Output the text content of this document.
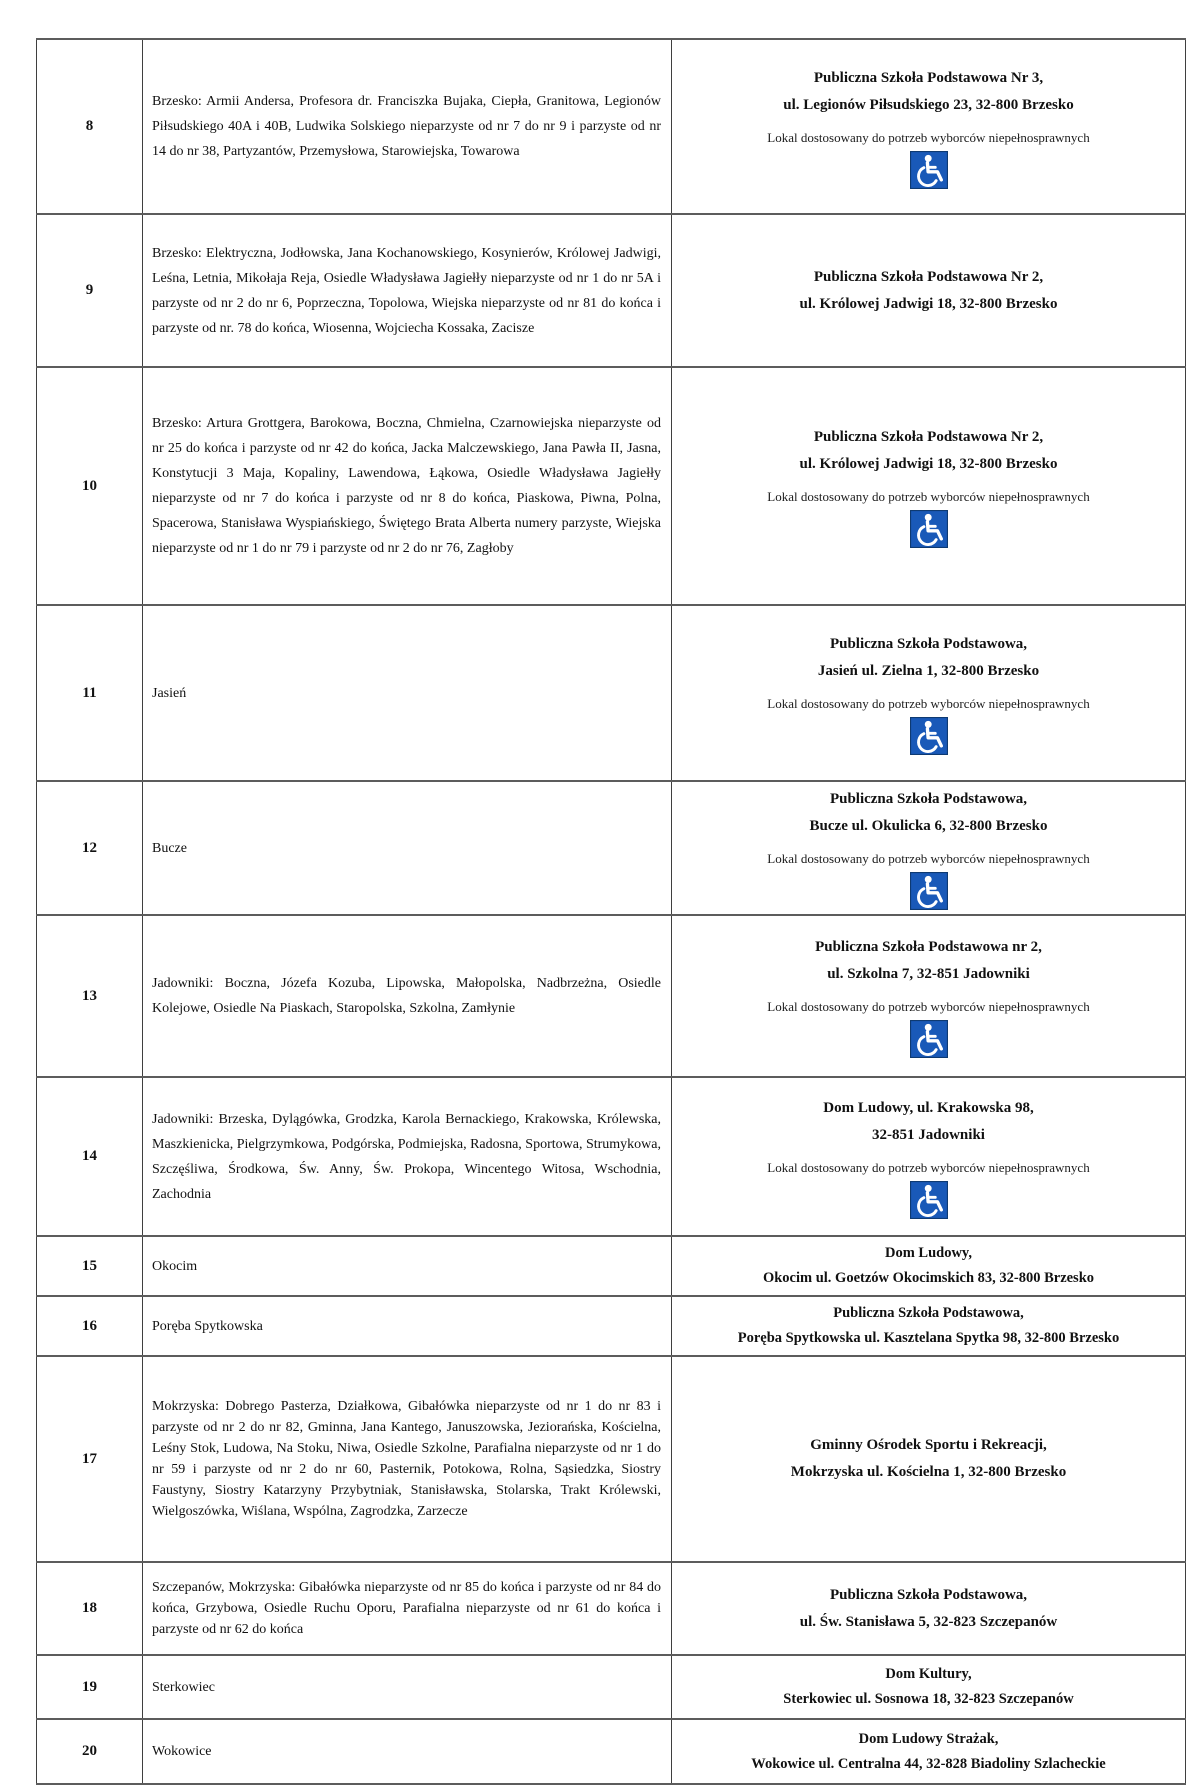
8	Brzesko: Armii Andersa, Profesora dr. Franciszka Bujaka, Ciepła, Granitowa, Legionów Piłsudskiego 40A i 40B, Ludwika Solskiego nieparzyste od nr 7 do nr 9 i parzyste od nr 14 do nr 38, Partyzantów, Przemysłowa, Starowiejska, Towarowa	
Publiczna Szkoła Podstawowa Nr 3,
ul. Legionów Piłsudskiego 23, 32-800 Brzesko
Lokal dostosowany do potrzeb wyborców niepełnosprawnych

9	Brzesko: Elektryczna, Jodłowska, Jana Kochanowskiego, Kosynierów, Królowej Jadwigi, Leśna, Letnia, Mikołaja Reja, Osiedle Władysława Jagiełły nieparzyste od nr 1 do nr 5A i parzyste od nr 2 do nr 6, Poprzeczna, Topolowa, Wiejska nieparzyste od nr 81 do końca i parzyste od nr. 78 do końca, Wiosenna, Wojciecha Kossaka, Zacisze	Publiczna Szkoła Podstawowa Nr 2,
ul. Królowej Jadwigi 18, 32-800 Brzesko

10	Brzesko: Artura Grottgera, Barokowa, Boczna, Chmielna, Czarnowiejska nieparzyste od nr 25 do końca i parzyste od nr 42 do końca, Jacka Malczewskiego, Jana Pawła II, Jasna, Konstytucji 3 Maja, Kopaliny, Lawendowa, Łąkowa, Osiedle Władysława Jagiełły nieparzyste od nr 7 do końca i parzyste od nr 8 do końca, Piaskowa, Piwna, Polna, Spacerowa, Stanisława Wyspiańskiego, Świętego Brata Alberta numery parzyste, Wiejska nieparzyste od nr 1 do nr 79 i parzyste od nr 2 do nr 76, Zagłoby	
Publiczna Szkoła Podstawowa Nr 2,
ul. Królowej Jadwigi 18, 32-800 Brzesko
Lokal dostosowany do potrzeb wyborców niepełnosprawnych

11	Jasień	Publiczna Szkoła Podstawowa,
Jasień ul. Zielna 1, 32-800 Brzesko
Lokal dostosowany do potrzeb wyborców niepełnosprawnych

12	Bucze	Publiczna Szkoła Podstawowa,
Bucze ul. Okulicka 6, 32-800 Brzesko
Lokal dostosowany do potrzeb wyborców niepełnosprawnych

13	Jadowniki: Boczna, Józefa Kozuba, Lipowska, Małopolska, Nadbrzeżna, Osiedle Kolejowe, Osiedle Na Piaskach, Staropolska, Szkolna, Zamłynie	Publiczna Szkoła Podstawowa nr 2,
ul. Szkolna 7, 32-851 Jadowniki
Lokal dostosowany do potrzeb wyborców niepełnosprawnych

14	Jadowniki: Brzeska, Dylągówka, Grodzka, Karola Bernackiego, Krakowska, Królewska, Maszkienicka, Pielgrzymkowa, Podgórska, Podmiejska, Radosna, Sportowa, Strumykowa, Szczęśliwa, Środkowa, Św. Anny, Św. Prokopa, Wincentego Witosa, Wschodnia, Zachodnia	
Dom Ludowy, ul. Krakowska 98,
32-851 Jadowniki
Lokal dostosowany do potrzeb wyborców niepełnosprawnych

15	Okocim	Dom Ludowy,
Okocim ul. Goetzów Okocimskich 83, 32-800 Brzesko

16	Poręba Spytkowska	Publiczna Szkoła Podstawowa,
Poręba Spytkowska ul. Kasztelana Spytka 98, 32-800 Brzesko

17	Mokrzyska: Dobrego Pasterza, Działkowa, Gibałówka nieparzyste od nr 1 do nr 83 i parzyste od nr 2 do nr 82, Gminna, Jana Kantego, Januszowska, Jeziorańska, Kościelna, Leśny Stok, Ludowa, Na Stoku, Niwa, Osiedle Szkolne, Parafialna nieparzyste od nr 1 do nr 59 i parzyste od nr 2 do nr 60, Pasternik, Potokowa, Rolna, Sąsiedzka, Siostry Faustyny, Siostry Katarzyny Przybytniak, Stanisławska, Stolarska, Trakt Królewski, Wielgoszówka, Wiślana, Wspólna, Zagrodzka, Zarzecze	Gminny Ośrodek Sportu i Rekreacji,
Mokrzyska ul. Kościelna 1, 32-800 Brzesko

18	Szczepanów, Mokrzyska: Gibałówka nieparzyste od nr 85 do końca i parzyste od nr 84 do końca, Grzybowa, Osiedle Ruchu Oporu, Parafialna nieparzyste od nr 61 do końca i parzyste od nr 62 do końca	Publiczna Szkoła Podstawowa,
ul. Św. Stanisława 5, 32-823 Szczepanów

19	Sterkowiec	Dom Kultury,
Sterkowiec ul. Sosnowa 18, 32-823 Szczepanów

20	Wokowice	Dom Ludowy Strażak,
Wokowice ul. Centralna 44, 32-828 Biadoliny Szlacheckie
